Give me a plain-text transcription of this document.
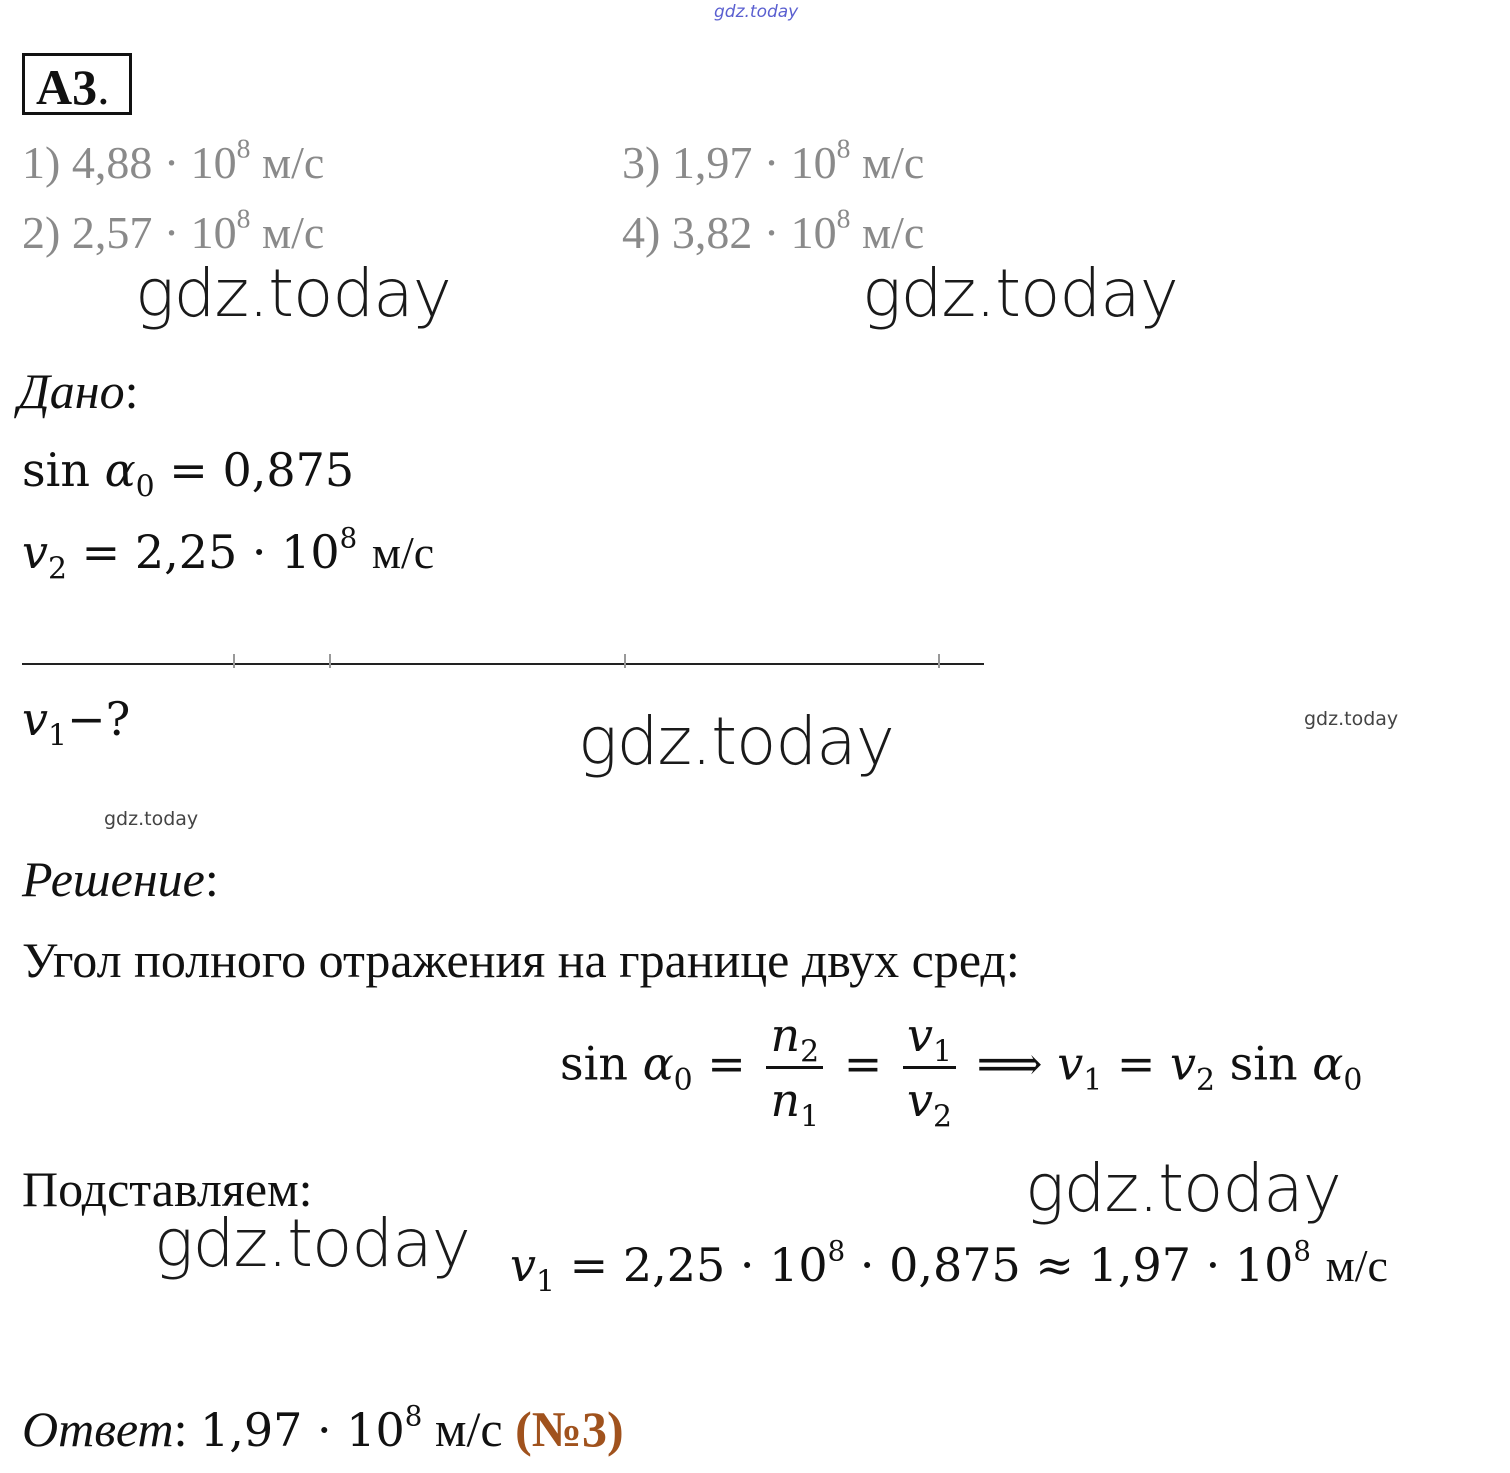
gdz.today
gdz.today	gdz.today
gdz.today	gdz.today
gdz.today
gdz.today
gdz.today
А3.
1) $4,88 \cdot 10^8$ м/с
2) $2,57 \cdot 10^8$ м/с
3) $1,97 \cdot 10^8$ м/с
4) $3,82 \cdot 10^8$ м/с
Дано:
$\sin \alpha_0 = 0,875$
$v_2 = 2,25 \cdot 10^8$ м/с
$v_1-$?
Решение:
Угол полного отражения на границе двух сред:
$\sin \alpha_0 = \frac{n_2}{n_1} = \frac{v_1}{v_2}$ ⟹ $v_1 = v_2$ $\sin \alpha_0$
Подставляем:
$v_1 = 2,25 \cdot 10^8 \cdot 0,875 \approx 1,97 \cdot 10^8$ м/с
Ответ: $1,97 \cdot 10^8$ м/с (№3)
